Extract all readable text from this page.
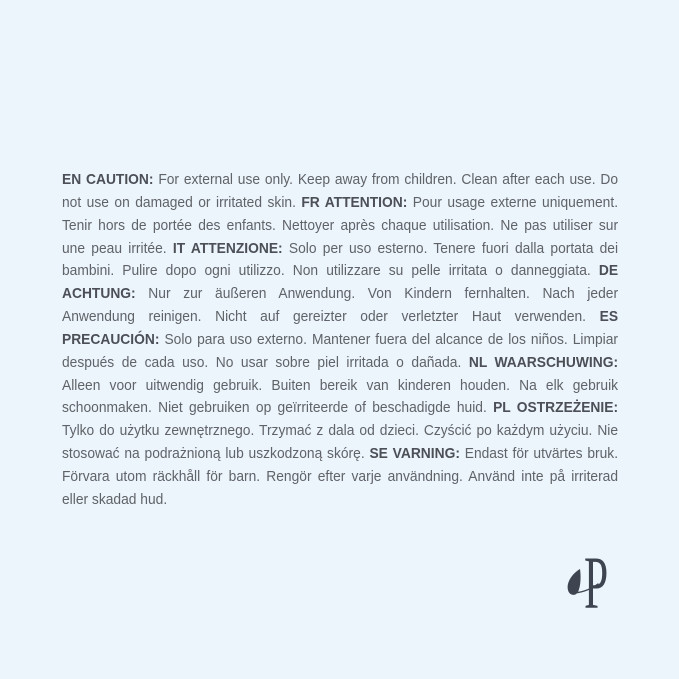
EN CAUTION: For external use only. Keep away from children. Clean after each use. Do
not use on damaged or irritated skin. FR ATTENTION: Pour usage externe uniquement.
Tenir hors de portée des enfants. Nettoyer après chaque utilisation. Ne pas utiliser sur
une peau irritée. IT ATTENZIONE: Solo per uso esterno. Tenere fuori dalla portata dei
bambini. Pulire dopo ogni utilizzo. Non utilizzare su pelle irritata o danneggiata. DE
ACHTUNG: Nur zur äußeren Anwendung. Von Kindern fernhalten. Nach jeder
Anwendung reinigen. Nicht auf gereizter oder verletzter Haut verwenden. ES
PRECAUCIÓN: Solo para uso externo. Mantener fuera del alcance de los niños. Limpiar
después de cada uso. No usar sobre piel irritada o dañada. NL WAARSCHUWING:
Alleen voor uitwendig gebruik. Buiten bereik van kinderen houden. Na elk gebruik
schoonmaken. Niet gebruiken op geïrriteerde of beschadigde huid. PL OSTRZEŻENIE:
Tylko do użytku zewnętrznego. Trzymać z dala od dzieci. Czyścić po każdym użyciu. Nie
stosować na podrażnioną lub uszkodzoną skórę. SE VARNING: Endast för utvärtes bruk.
Förvara utom räckhåll för barn. Rengör efter varje användning. Använd inte på irriterad
eller skadad hud.
P
